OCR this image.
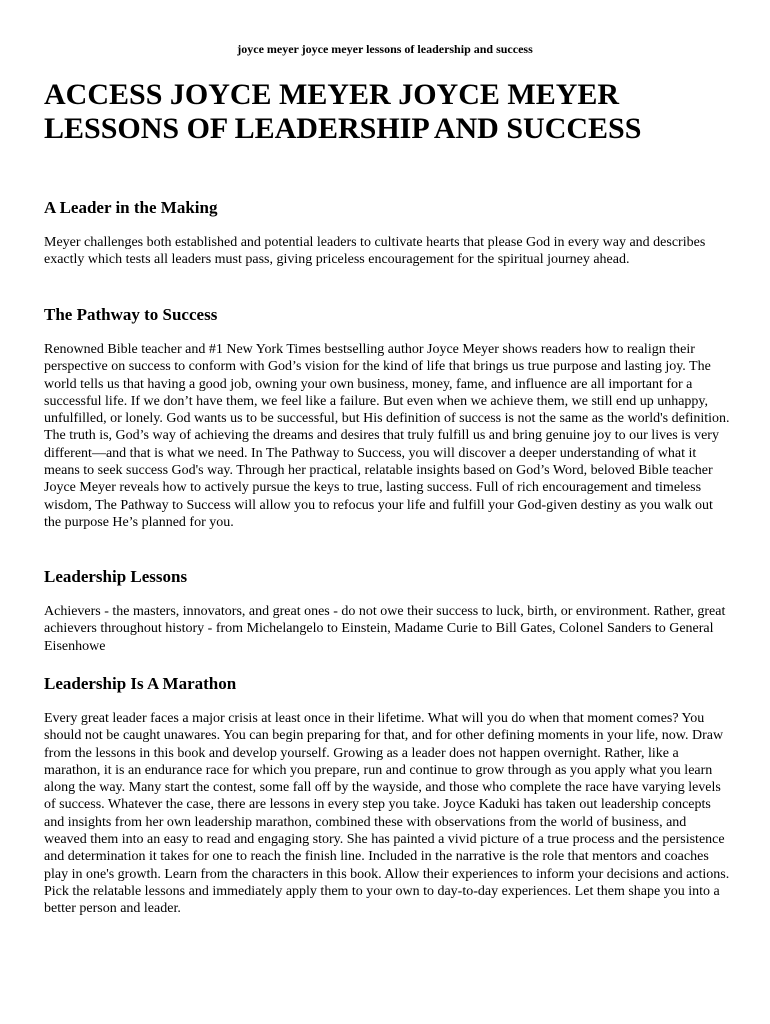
joyce meyer joyce meyer lessons of leadership and success
ACCESS JOYCE MEYER JOYCE MEYER LESSONS OF LEADERSHIP AND SUCCESS
A Leader in the Making

Meyer challenges both established and potential leaders to cultivate hearts that please God in every way and describes exactly which tests all leaders must pass, giving priceless encouragement for the spiritual journey ahead.

The Pathway to Success

Renowned Bible teacher and #1 New York Times bestselling author Joyce Meyer shows readers how to realign their perspective on success to conform with God’s vision for the kind of life that brings us true purpose and lasting joy. The world tells us that having a good job, owning your own business, money, fame, and influence are all important for a successful life. If we don’t have them, we feel like a failure. But even when we achieve them, we still end up unhappy, unfulfilled, or lonely. God wants us to be successful, but His definition of success is not the same as the world's definition. The truth is, God’s way of achieving the dreams and desires that truly fulfill us and bring genuine joy to our lives is very different—and that is what we need. In The Pathway to Success, you will discover a deeper understanding of what it means to seek success God's way. Through her practical, relatable insights based on God’s Word, beloved Bible teacher Joyce Meyer reveals how to actively pursue the keys to true, lasting success. Full of rich encouragement and timeless wisdom, The Pathway to Success will allow you to refocus your life and fulfill your God-given destiny as you walk out the purpose He’s planned for you.

Leadership Lessons

Achievers - the masters, innovators, and great ones - do not owe their success to luck, birth, or environment. Rather, great achievers throughout history - from Michelangelo to Einstein, Madame Curie to Bill Gates, Colonel Sanders to General Eisenhowe

Leadership Is A Marathon

Every great leader faces a major crisis at least once in their lifetime. What will you do when that moment comes? You should not be caught unawares. You can begin preparing for that, and for other defining moments in your life, now. Draw from the lessons in this book and develop yourself. Growing as a leader does not happen overnight. Rather, like a marathon, it is an endurance race for which you prepare, run and continue to grow through as you apply what you learn along the way. Many start the contest, some fall off by the wayside, and those who complete the race have varying levels of success. Whatever the case, there are lessons in every step you take. Joyce Kaduki has taken out leadership concepts and insights from her own leadership marathon, combined these with observations from the world of business, and weaved them into an easy to read and engaging story. She has painted a vivid picture of a true process and the persistence and determination it takes for one to reach the finish line. Included in the narrative is the role that mentors and coaches play in one's growth. Learn from the characters in this book. Allow their experiences to inform your decisions and actions. Pick the relatable lessons and immediately apply them to your own to day-to-day experiences. Let them shape you into a better person and leader.
